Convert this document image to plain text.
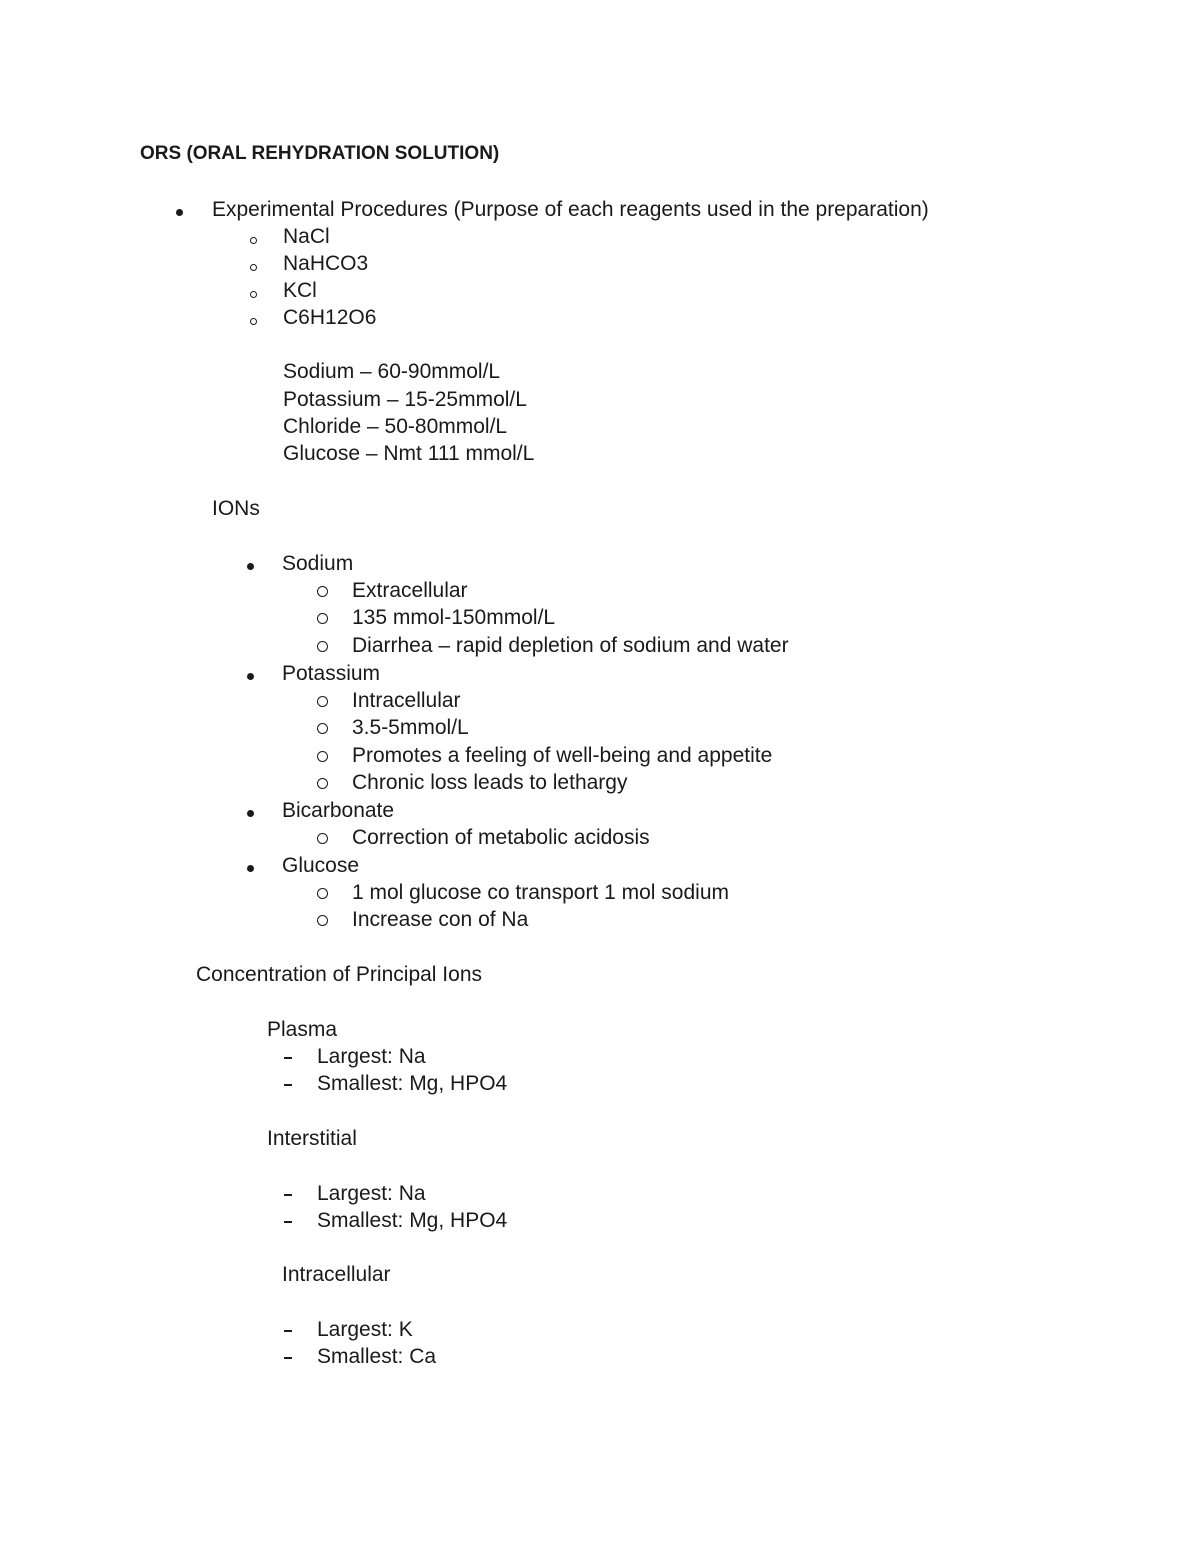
ORS (ORAL REHYDRATION SOLUTION)
Experimental Procedures (Purpose of each reagents used in the preparation)
NaCl
NaHCO3
KCl
C6H12O6
Sodium – 60-90mmol/L
Potassium – 15-25mmol/L
Chloride – 50-80mmol/L
Glucose – Nmt 111 mmol/L
IONs
Sodium
Extracellular
135 mmol-150mmol/L
Diarrhea – rapid depletion of sodium and water
Potassium
Intracellular
3.5-5mmol/L
Promotes a feeling of well-being and appetite
Chronic loss leads to lethargy
Bicarbonate
Correction of metabolic acidosis
Glucose
1 mol glucose co transport 1 mol sodium
Increase con of Na
Concentration of Principal Ions
Plasma
Largest: Na
Smallest: Mg, HPO4
Interstitial
Largest: Na
Smallest: Mg, HPO4
Intracellular
Largest: K
Smallest: Ca
